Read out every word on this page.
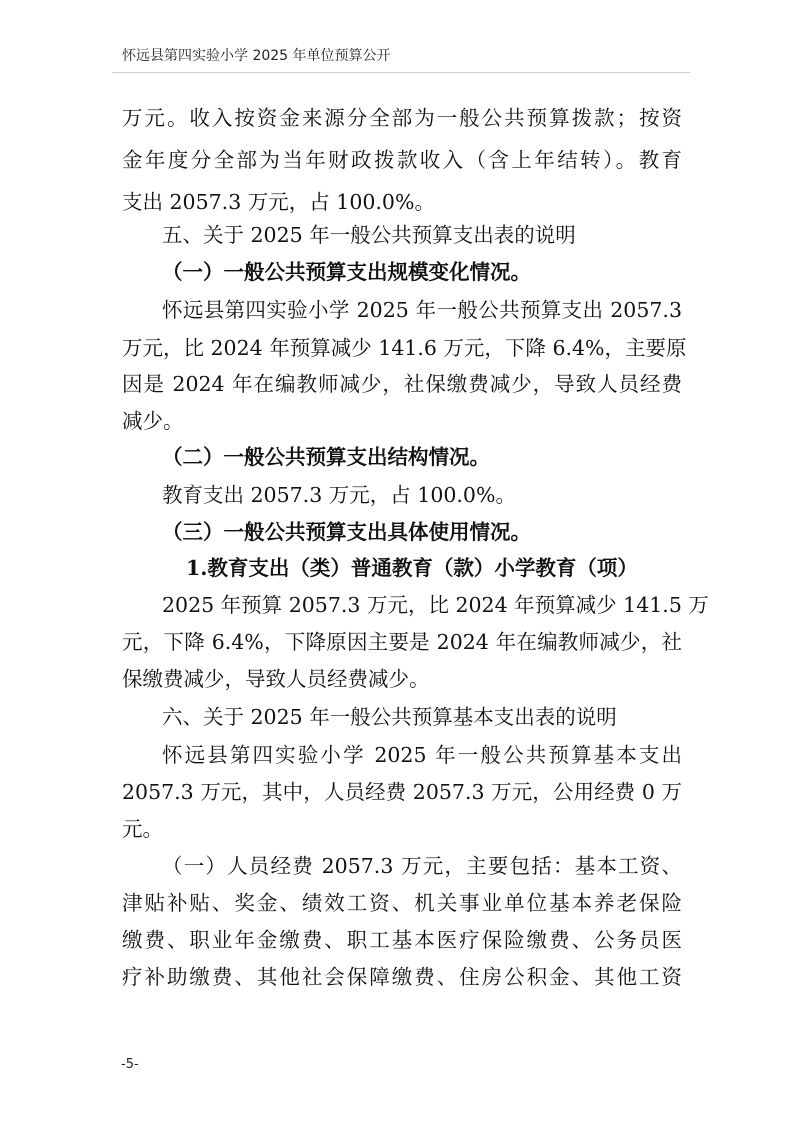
怀远县第四实验小学 2025 年单位预算公开

万元。收入按资金来源分全部为一般公共预算拨款；按资

金年度分全部为当年财政拨款收入（含上年结转）。教育

支出 2057.3 万元，占 100.0%。

五、关于 2025 年一般公共预算支出表的说明

（一）一般公共预算支出规模变化情况。

怀远县第四实验小学 2025 年一般公共预算支出 2057.3

万元，比 2024 年预算减少 141.6 万元，下降 6.4%，主要原

因是 2024 年在编教师减少，社保缴费减少，导致人员经费

减少。

（二）一般公共预算支出结构情况。

教育支出 2057.3 万元，占 100.0%。

（三）一般公共预算支出具体使用情况。

1.教育支出（类）普通教育（款）小学教育（项）

2025 年预算 2057.3 万元，比 2024 年预算减少 141.5 万

元，下降 6.4%，下降原因主要是 2024 年在编教师减少，社

保缴费减少，导致人员经费减少。

六、关于 2025 年一般公共预算基本支出表的说明

怀远县第四实验小学 2025 年一般公共预算基本支出

2057.3 万元，其中，人员经费 2057.3 万元，公用经费 0 万

元。

（一）人员经费 2057.3 万元，主要包括：基本工资、

津贴补贴、奖金、绩效工资、机关事业单位基本养老保险

缴费、职业年金缴费、职工基本医疗保险缴费、公务员医

疗补助缴费、其他社会保障缴费、住房公积金、其他工资

-5-
